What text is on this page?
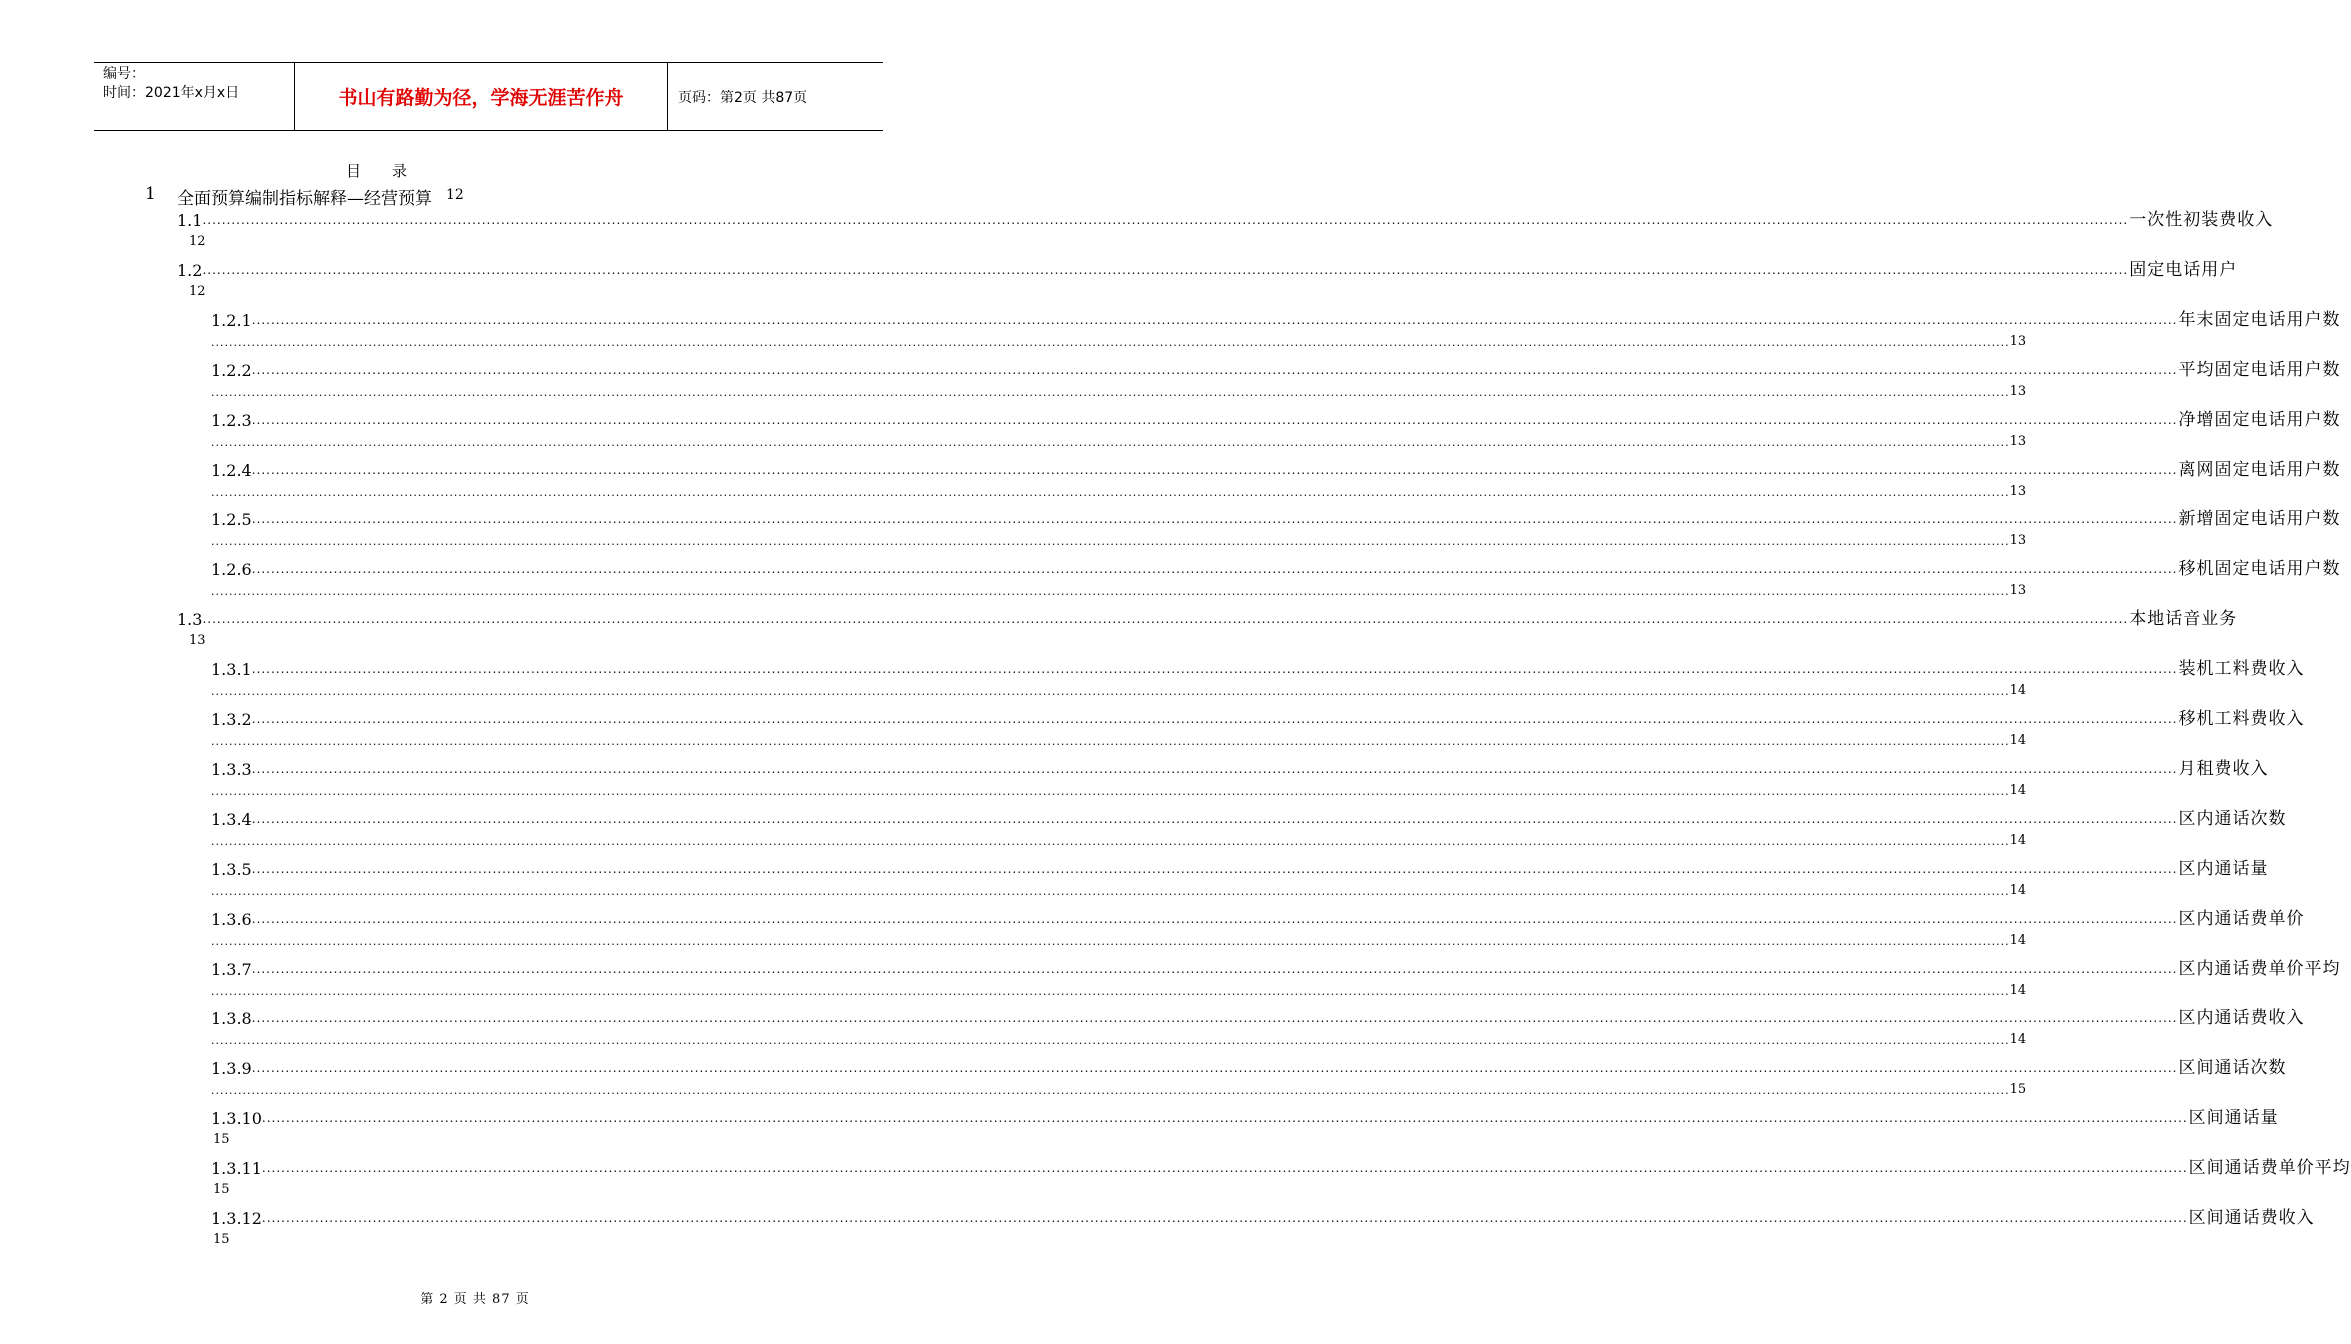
编号：
时间：2021年x月x日	书山有路勤为径，学海无涯苦作舟	页码：第2页 共87页
目 录
1	全面预算编制指标解释—经营预算 12
1.1 ................................................................................................................................................................................................................................................................................................................................................................................................................ 一次性初装费收入
12
1.2 ................................................................................................................................................................................................................................................................................................................................................................................................................ 固定电话用户
12
1.2.1 ................................................................................................................................................................................................................................................................................................................................................................................................................ 年末固定电话用户数
................................................................................................................................................................................................................................................................................................................................................................................................................ 13
1.2.2 ................................................................................................................................................................................................................................................................................................................................................................................................................ 平均固定电话用户数
................................................................................................................................................................................................................................................................................................................................................................................................................ 13
1.2.3 ................................................................................................................................................................................................................................................................................................................................................................................................................ 净增固定电话用户数
................................................................................................................................................................................................................................................................................................................................................................................................................ 13
1.2.4 ................................................................................................................................................................................................................................................................................................................................................................................................................ 离网固定电话用户数
................................................................................................................................................................................................................................................................................................................................................................................................................ 13
1.2.5 ................................................................................................................................................................................................................................................................................................................................................................................................................ 新增固定电话用户数
................................................................................................................................................................................................................................................................................................................................................................................................................ 13
1.2.6 ................................................................................................................................................................................................................................................................................................................................................................................................................ 移机固定电话用户数
................................................................................................................................................................................................................................................................................................................................................................................................................ 13
1.3 ................................................................................................................................................................................................................................................................................................................................................................................................................ 本地话音业务
13
1.3.1 ................................................................................................................................................................................................................................................................................................................................................................................................................ 装机工料费收入
................................................................................................................................................................................................................................................................................................................................................................................................................ 14
1.3.2 ................................................................................................................................................................................................................................................................................................................................................................................................................ 移机工料费收入
................................................................................................................................................................................................................................................................................................................................................................................................................ 14
1.3.3 ................................................................................................................................................................................................................................................................................................................................................................................................................ 月租费收入
................................................................................................................................................................................................................................................................................................................................................................................................................ 14
1.3.4 ................................................................................................................................................................................................................................................................................................................................................................................................................ 区内通话次数
................................................................................................................................................................................................................................................................................................................................................................................................................ 14
1.3.5 ................................................................................................................................................................................................................................................................................................................................................................................................................ 区内通话量
................................................................................................................................................................................................................................................................................................................................................................................................................ 14
1.3.6 ................................................................................................................................................................................................................................................................................................................................................................................................................ 区内通话费单价
................................................................................................................................................................................................................................................................................................................................................................................................................ 14
1.3.7 ................................................................................................................................................................................................................................................................................................................................................................................................................ 区内通话费单价平均
................................................................................................................................................................................................................................................................................................................................................................................................................ 14
1.3.8 ................................................................................................................................................................................................................................................................................................................................................................................................................ 区内通话费收入
................................................................................................................................................................................................................................................................................................................................................................................................................ 14
1.3.9 ................................................................................................................................................................................................................................................................................................................................................................................................................ 区间通话次数
................................................................................................................................................................................................................................................................................................................................................................................................................ 15
1.3.10 ................................................................................................................................................................................................................................................................................................................................................................................................................ 区间通话量
15
1.3.11 ................................................................................................................................................................................................................................................................................................................................................................................................................ 区间通话费单价平均
15
1.3.12 ................................................................................................................................................................................................................................................................................................................................................................................................................ 区间通话费收入
15
第 2 页 共 87 页
